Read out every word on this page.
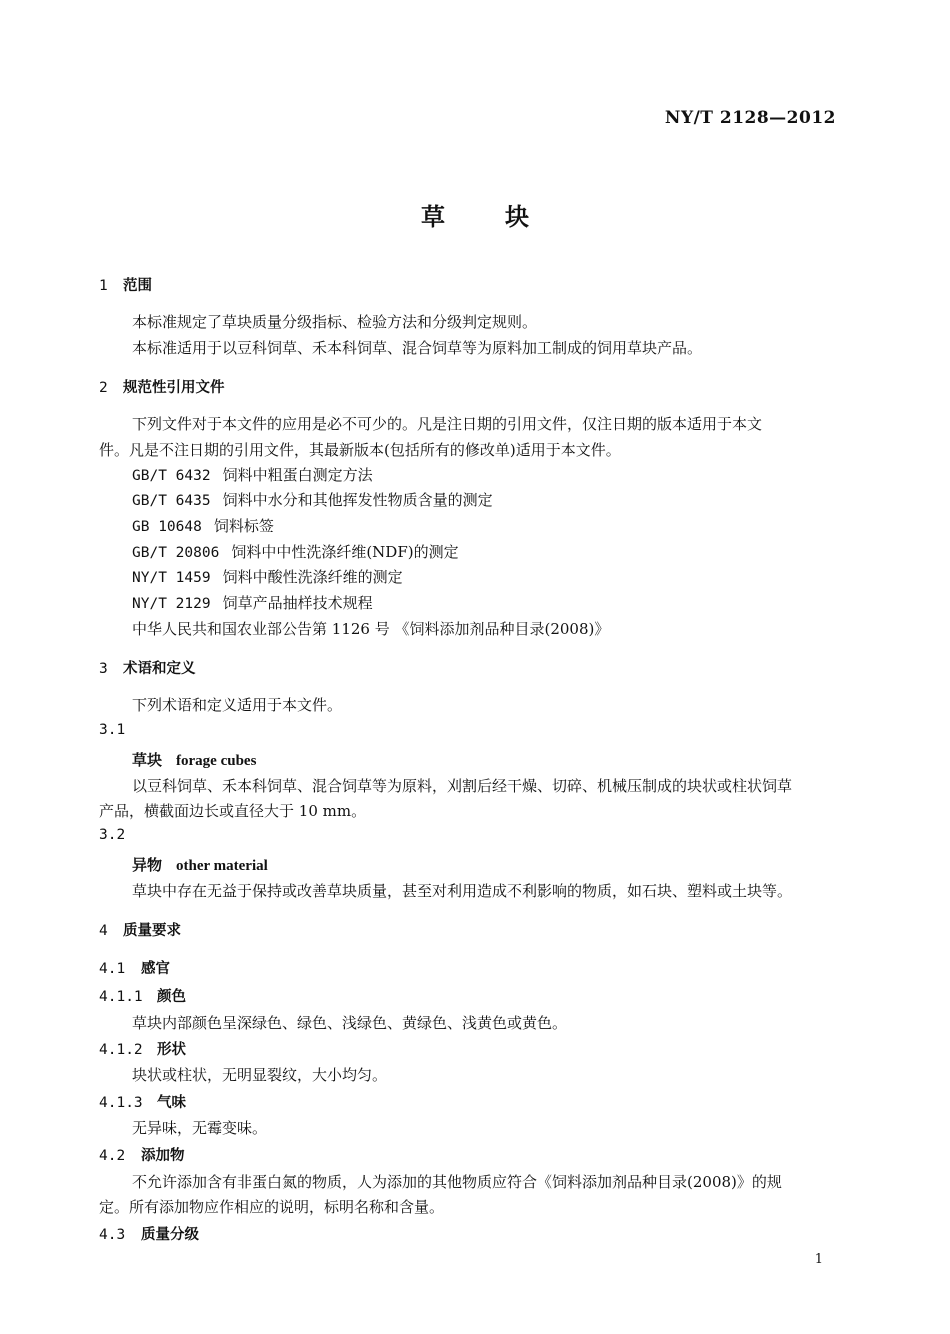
NY/T 2128—2012
草	块
1 范围
本标准规定了草块质量分级指标、检验方法和分级判定规则。
本标准适用于以豆科饲草、禾本科饲草、混合饲草等为原料加工制成的饲用草块产品。
2 规范性引用文件
下列文件对于本文件的应用是必不可少的。凡是注日期的引用文件，仅注日期的版本适用于本文
件。凡是不注日期的引用文件，其最新版本(包括所有的修改单)适用于本文件。
GB/T 6432 饲料中粗蛋白测定方法
GB/T 6435 饲料中水分和其他挥发性物质含量的测定
GB 10648 饲料标签
GB/T 20806 饲料中中性洗涤纤维(NDF)的测定
NY/T 1459 饲料中酸性洗涤纤维的测定
NY/T 2129 饲草产品抽样技术规程
中华人民共和国农业部公告第 1126 号 《饲料添加剂品种目录(2008)》
3 术语和定义
下列术语和定义适用于本文件。
3.1
草块 forage cubes
以豆科饲草、禾本科饲草、混合饲草等为原料，刈割后经干燥、切碎、机械压制成的块状或柱状饲草
产品，横截面边长或直径大于 10 mm。
3.2
异物 other material
草块中存在无益于保持或改善草块质量，甚至对利用造成不利影响的物质，如石块、塑料或土块等。
4 质量要求
4.1 感官
4.1.1 颜色
草块内部颜色呈深绿色、绿色、浅绿色、黄绿色、浅黄色或黄色。
4.1.2 形状
块状或柱状，无明显裂纹，大小均匀。
4.1.3 气味
无异味，无霉变味。
4.2 添加物
不允许添加含有非蛋白氮的物质，人为添加的其他物质应符合《饲料添加剂品种目录(2008)》的规
定。所有添加物应作相应的说明，标明名称和含量。
4.3 质量分级
1
